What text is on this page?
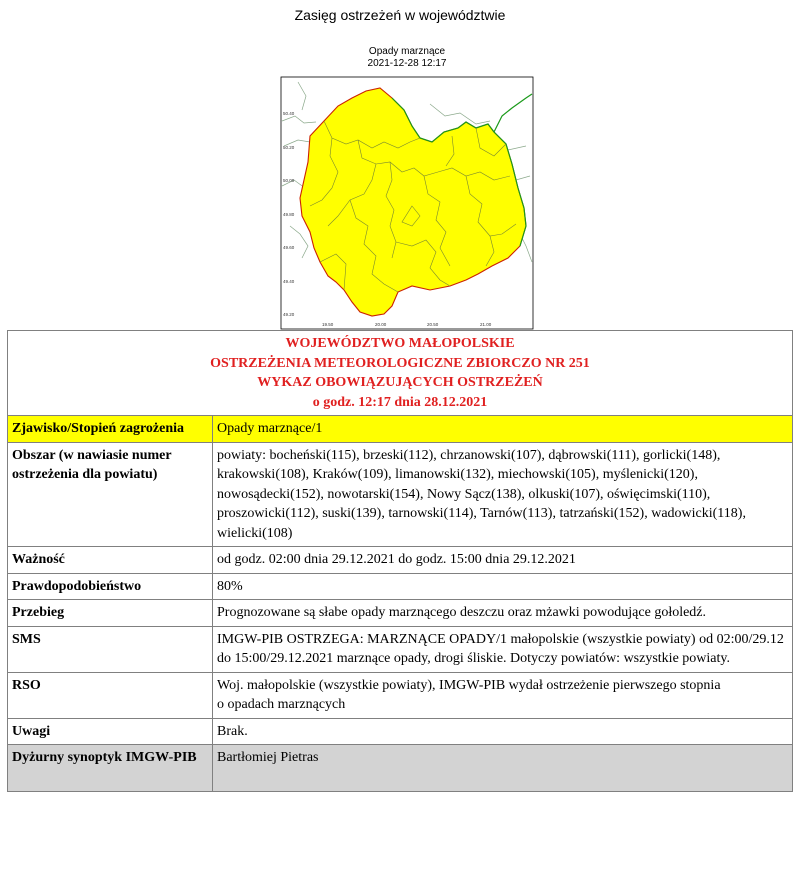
Zasięg ostrzeżeń w województwie
Opady marznące
2021-12-28 12:17
50.40
50.20
50.00
49.80
49.60
49.40
49.20
19.50	20.00	20.50	21.00
WOJEWÓDZTWO MAŁOPOLSKIE
OSTRZEŻENIA METEOROLOGICZNE ZBIORCZO NR 251
WYKAZ OBOWIĄZUJĄCYCH OSTRZEŻEŃ
o godz. 12:17 dnia 28.12.2021	

Zjawisko/Stopień zagrożenia	Opady marznące/1
Obszar (w nawiasie numer ostrzeżenia dla powiatu)	powiaty: bocheński(115), brzeski(112), chrzanowski(107), dąbrowski(111), gorlicki(148), krakowski(108), Kraków(109), limanowski(132), miechowski(105), myślenicki(120), nowosądecki(152), nowotarski(154), Nowy Sącz(138), olkuski(107), oświęcimski(110), proszowicki(112), suski(139), tarnowski(114), Tarnów(113), tatrzański(152), wadowicki(118), wielicki(108)
Ważność	od godz. 02:00 dnia 29.12.2021 do godz. 15:00 dnia 29.12.2021
Prawdopodobieństwo	80%
Przebieg	Prognozowane są słabe opady marznącego deszczu oraz mżawki powodujące gołoledź.
SMS	IMGW-PIB OSTRZEGA: MARZNĄCE OPADY/1 małopolskie (wszystkie powiaty) od 02:00/29.12 do 15:00/29.12.2021 marznące opady, drogi śliskie. Dotyczy powiatów: wszystkie powiaty.
RSO	Woj. małopolskie (wszystkie powiaty), IMGW-PIB wydał ostrzeżenie pierwszego stopnia
o opadach marznących

Uwagi	Brak.
Dyżurny synoptyk IMGW-PIB	Bartłomiej Pietras
